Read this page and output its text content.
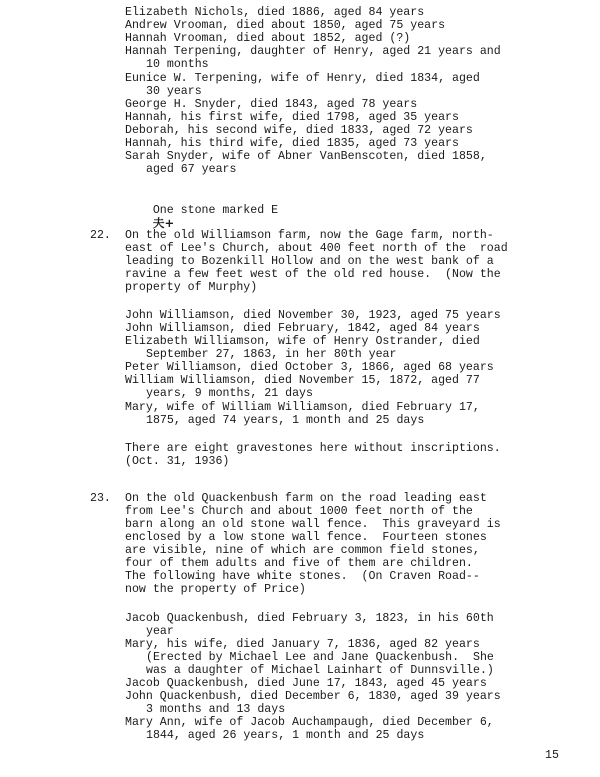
Elizabeth Nichols, died 1886, aged 84 years
Andrew Vrooman, died about 1850, aged 75 years
Hannah Vrooman, died about 1852, aged (?)
Hannah Terpening, daughter of Henry, aged 21 years and
10 months
Eunice W. Terpening, wife of Henry, died 1834, aged
30 years
George H. Snyder, died 1843, aged 78 years
Hannah, his first wife, died 1798, aged 35 years
Deborah, his second wife, died 1833, aged 72 years
Hannah, his third wife, died 1835, aged 73 years
Sarah Snyder, wife of Abner VanBenscoten, died 1858,
aged 67 years

One stone marked E
夫+

22. On the old Williamson farm, now the Gage farm, north-
east of Lee's Church, about 400 feet north of the  road
leading to Bozenkill Hollow and on the west bank of a
ravine a few feet west of the old red house.  (Now the
property of Murphy)
John Williamson, died November 30, 1923, aged 75 years
John Williamson, died February, 1842, aged 84 years
Elizabeth Williamson, wife of Henry Ostrander, died
September 27, 1863, in her 80th year
Peter Williamson, died October 3, 1866, aged 68 years
William Williamson, died November 15, 1872, aged 77
years, 9 months, 21 days
Mary, wife of William Williamson, died February 17,
1875, aged 74 years, 1 month and 25 days
There are eight gravestones here without inscriptions.
(Oct. 31, 1936)
23. On the old Quackenbush farm on the road leading east
from Lee's Church and about 1000 feet north of the
barn along an old stone wall fence.  This graveyard is
enclosed by a low stone wall fence.  Fourteen stones
are visible, nine of which are common field stones,
four of them adults and five of them are children.
The following have white stones.  (On Craven Road--
now the property of Price)
Jacob Quackenbush, died February 3, 1823, in his 60th
year
Mary, his wife, died January 7, 1836, aged 82 years
(Erected by Michael Lee and Jane Quackenbush.  She
was a daughter of Michael Lainhart of Dunnsville.)
Jacob Quackenbush, died June 17, 1843, aged 45 years
John Quackenbush, died December 6, 1830, aged 39 years
3 months and 13 days
Mary Ann, wife of Jacob Auchampaugh, died December 6,
1844, aged 26 years, 1 month and 25 days
15
